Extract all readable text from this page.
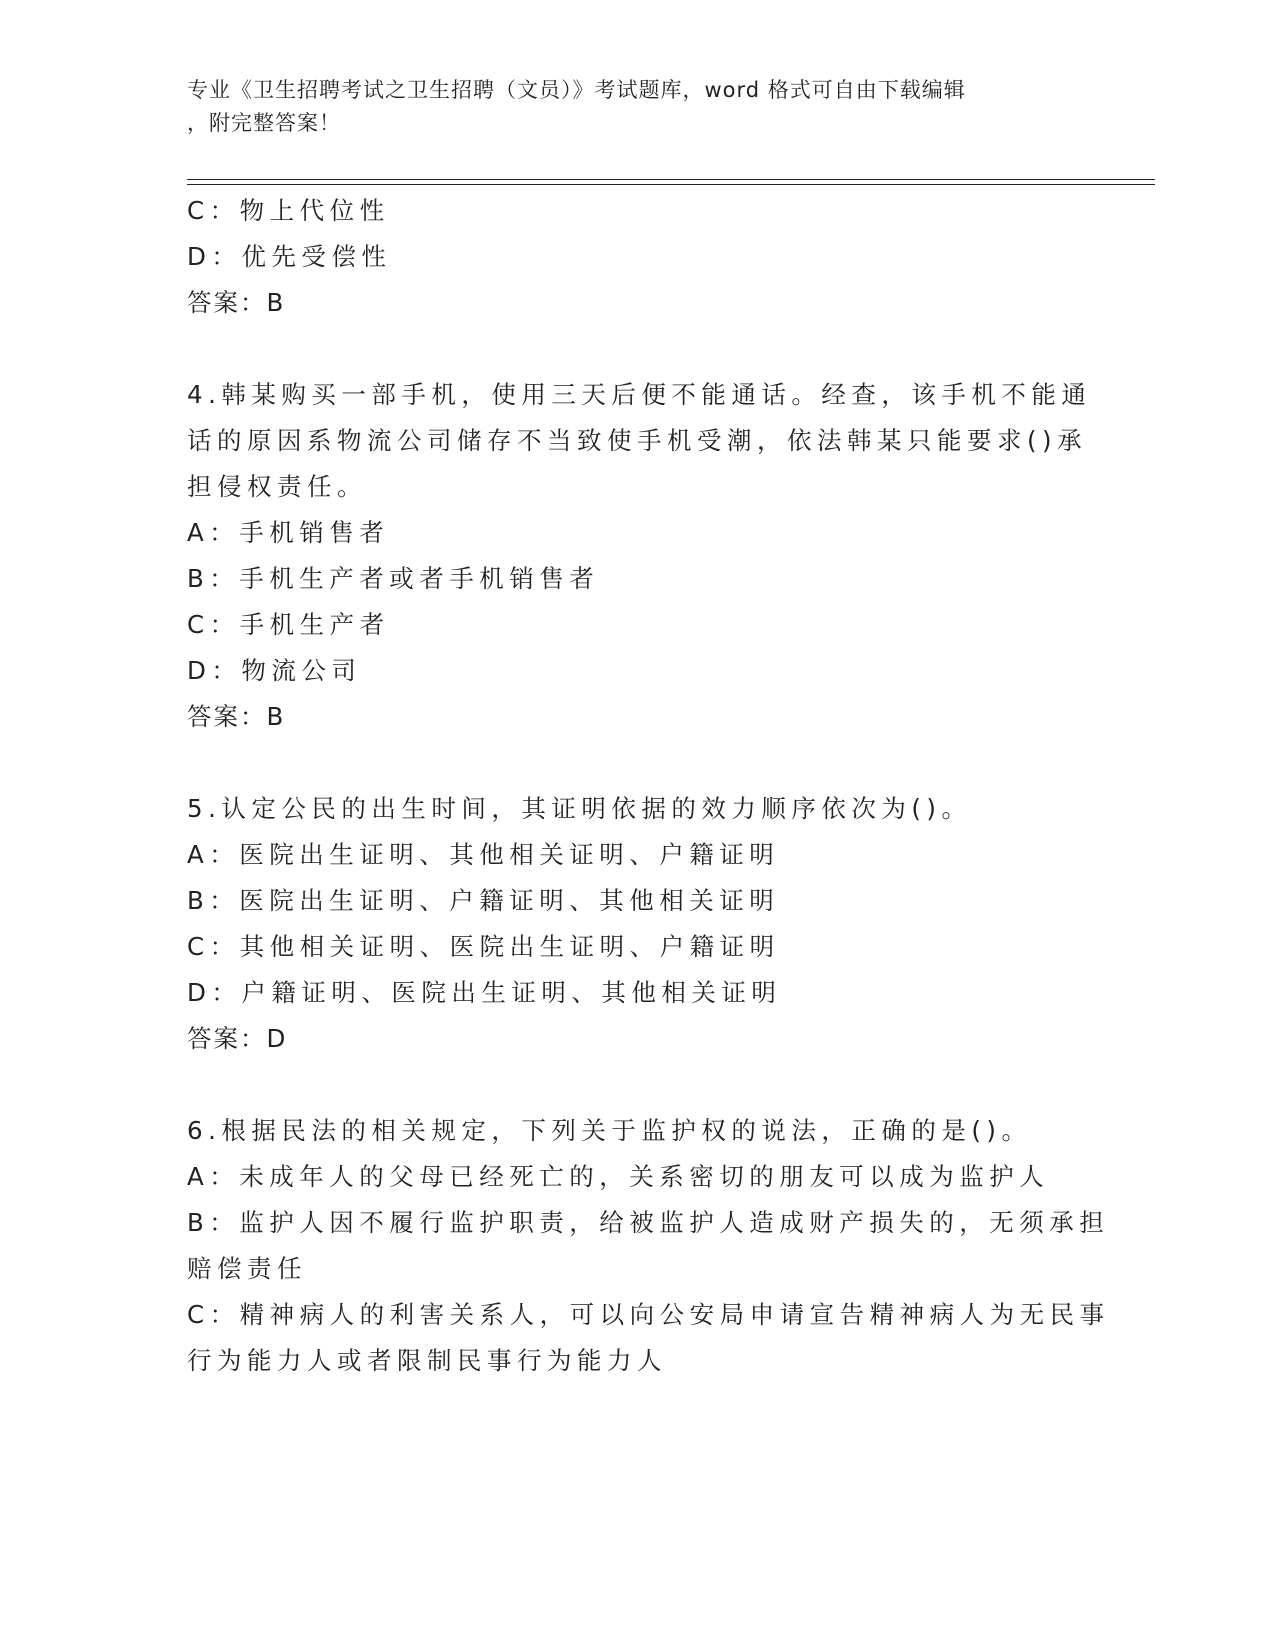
专业《卫生招聘考试之卫生招聘（文员）》考试题库，word 格式可自由下载编辑
，附完整答案！
C：物上代位性
D：优先受偿性
答案：B
4.韩某购买一部手机，使用三天后便不能通话。经查，该手机不能通
话的原因系物流公司储存不当致使手机受潮，依法韩某只能要求()承
担侵权责任。
A：手机销售者
B：手机生产者或者手机销售者
C：手机生产者
D：物流公司
答案：B
5.认定公民的出生时间，其证明依据的效力顺序依次为()。
A：医院出生证明、其他相关证明、户籍证明
B：医院出生证明、户籍证明、其他相关证明
C：其他相关证明、医院出生证明、户籍证明
D：户籍证明、医院出生证明、其他相关证明
答案：D
6.根据民法的相关规定，下列关于监护权的说法，正确的是()。
A：未成年人的父母已经死亡的，关系密切的朋友可以成为监护人
B：监护人因不履行监护职责，给被监护人造成财产损失的，无须承担
赔偿责任
C：精神病人的利害关系人，可以向公安局申请宣告精神病人为无民事
行为能力人或者限制民事行为能力人
